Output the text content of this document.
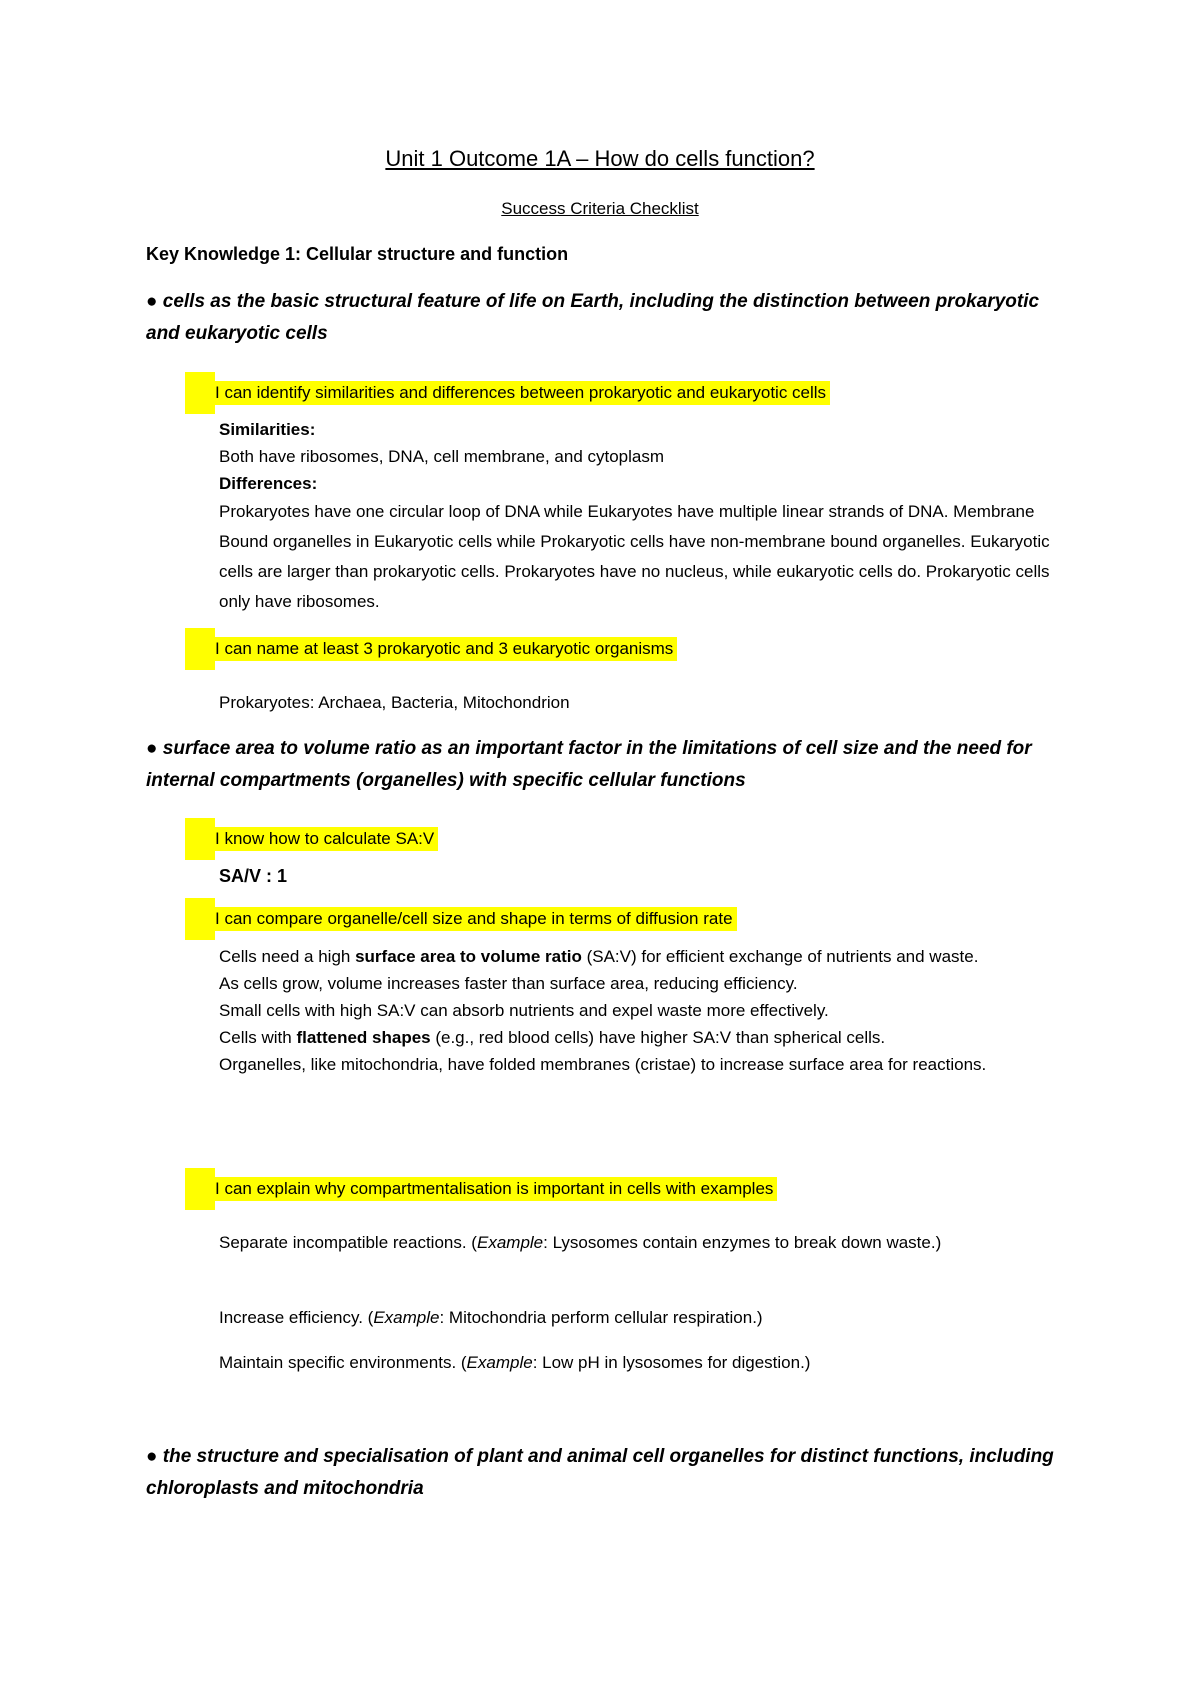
Unit 1 Outcome 1A – How do cells function?
Success Criteria Checklist
Key Knowledge 1: Cellular structure and function
● cells as the basic structural feature of life on Earth, including the distinction between prokaryotic and eukaryotic cells
I can identify similarities and differences between prokaryotic and eukaryotic cells

Similarities:

Both have ribosomes, DNA, cell membrane, and cytoplasm

Differences:

Prokaryotes have one circular loop of DNA while Eukaryotes have multiple linear strands of DNA. Membrane Bound organelles in Eukaryotic cells while Prokaryotic cells have non-membrane bound organelles. Eukaryotic cells are larger than prokaryotic cells. Prokaryotes have no nucleus, while eukaryotic cells do. Prokaryotic cells only have ribosomes.

I can name at least 3 prokaryotic and 3 eukaryotic organisms
Prokaryotes: Archaea, Bacteria, Mitochondrion
● surface area to volume ratio as an important factor in the limitations of cell size and the need for internal compartments (organelles) with specific cellular functions
I know how to calculate SA:V
SA/V : 1
I can compare organelle/cell size and shape in terms of diffusion rate

Cells need a high surface area to volume ratio (SA:V) for efficient exchange of nutrients and waste.

As cells grow, volume increases faster than surface area, reducing efficiency.

Small cells with high SA:V can absorb nutrients and expel waste more effectively.

Cells with flattened shapes (e.g., red blood cells) have higher SA:V than spherical cells.

Organelles, like mitochondria, have folded membranes (cristae) to increase surface area for reactions.

I can explain why compartmentalisation is important in cells with examples
Separate incompatible reactions. (Example: Lysosomes contain enzymes to break down waste.)
Increase efficiency. (Example: Mitochondria perform cellular respiration.)
Maintain specific environments. (Example: Low pH in lysosomes for digestion.)
● the structure and specialisation of plant and animal cell organelles for distinct functions, including chloroplasts and mitochondria
